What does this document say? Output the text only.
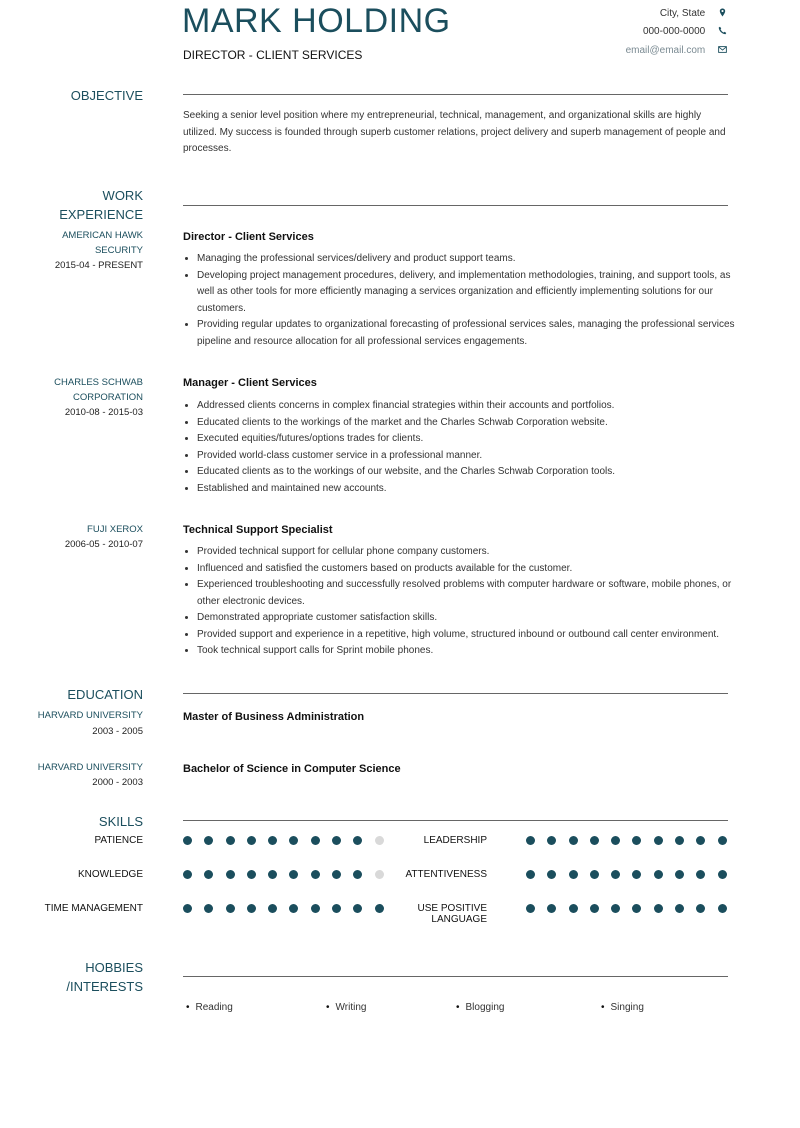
MARK HOLDING
DIRECTOR - CLIENT SERVICES
City, State
000-000-0000
email@email.com
OBJECTIVE

Seeking a senior level position where my entrepreneurial, technical, management, and organizational skills are highly utilized. My success is founded through superb customer relations, project delivery and superb management of people and processes.

WORK
EXPERIENCE
AMERICAN HAWK SECURITY
2015-04 - PRESENT
Director - Client Services
• Managing the professional services/delivery and product support teams.
• Developing project management procedures, delivery, and implementation methodologies, training, and support tools, as well as other tools for more efficiently managing a services organization and efficiently implementing solutions for our customers.
• Providing regular updates to organizational forecasting of professional services sales, managing the professional services pipeline and resource allocation for all professional services engagements.
CHARLES SCHWAB CORPORATION
2010-08 - 2015-03
Manager - Client Services
• Addressed clients concerns in complex financial strategies within their accounts and portfolios.
• Educated clients to the workings of the market and the Charles Schwab Corporation website.
• Executed equities/futures/options trades for clients.
• Provided world-class customer service in a professional manner.
• Educated clients as to the workings of our website, and the Charles Schwab Corporation tools.
• Established and maintained new accounts.
FUJI XEROX
2006-05 - 2010-07
Technical Support Specialist
• Provided technical support for cellular phone company customers.
• Influenced and satisfied the customers based on products available for the customer.
• Experienced troubleshooting and successfully resolved problems with computer hardware or software, mobile phones, or other electronic devices.
• Demonstrated appropriate customer satisfaction skills.
• Provided support and experience in a repetitive, high volume, structured inbound or outbound call center environment.
• Took technical support calls for Sprint mobile phones.
EDUCATION
HARVARD UNIVERSITY
2003 - 2005
Master of Business Administration
HARVARD UNIVERSITY
2000 - 2003
Bachelor of Science in Computer Science
SKILLS
PATIENCE	LEADERSHIP
KNOWLEDGE	ATTENTIVENESS
TIME MANAGEMENT	USE POSITIVE
LANGUAGE
HOBBIES
/INTERESTS
• Reading	• Writing	• Blogging	• Singing
